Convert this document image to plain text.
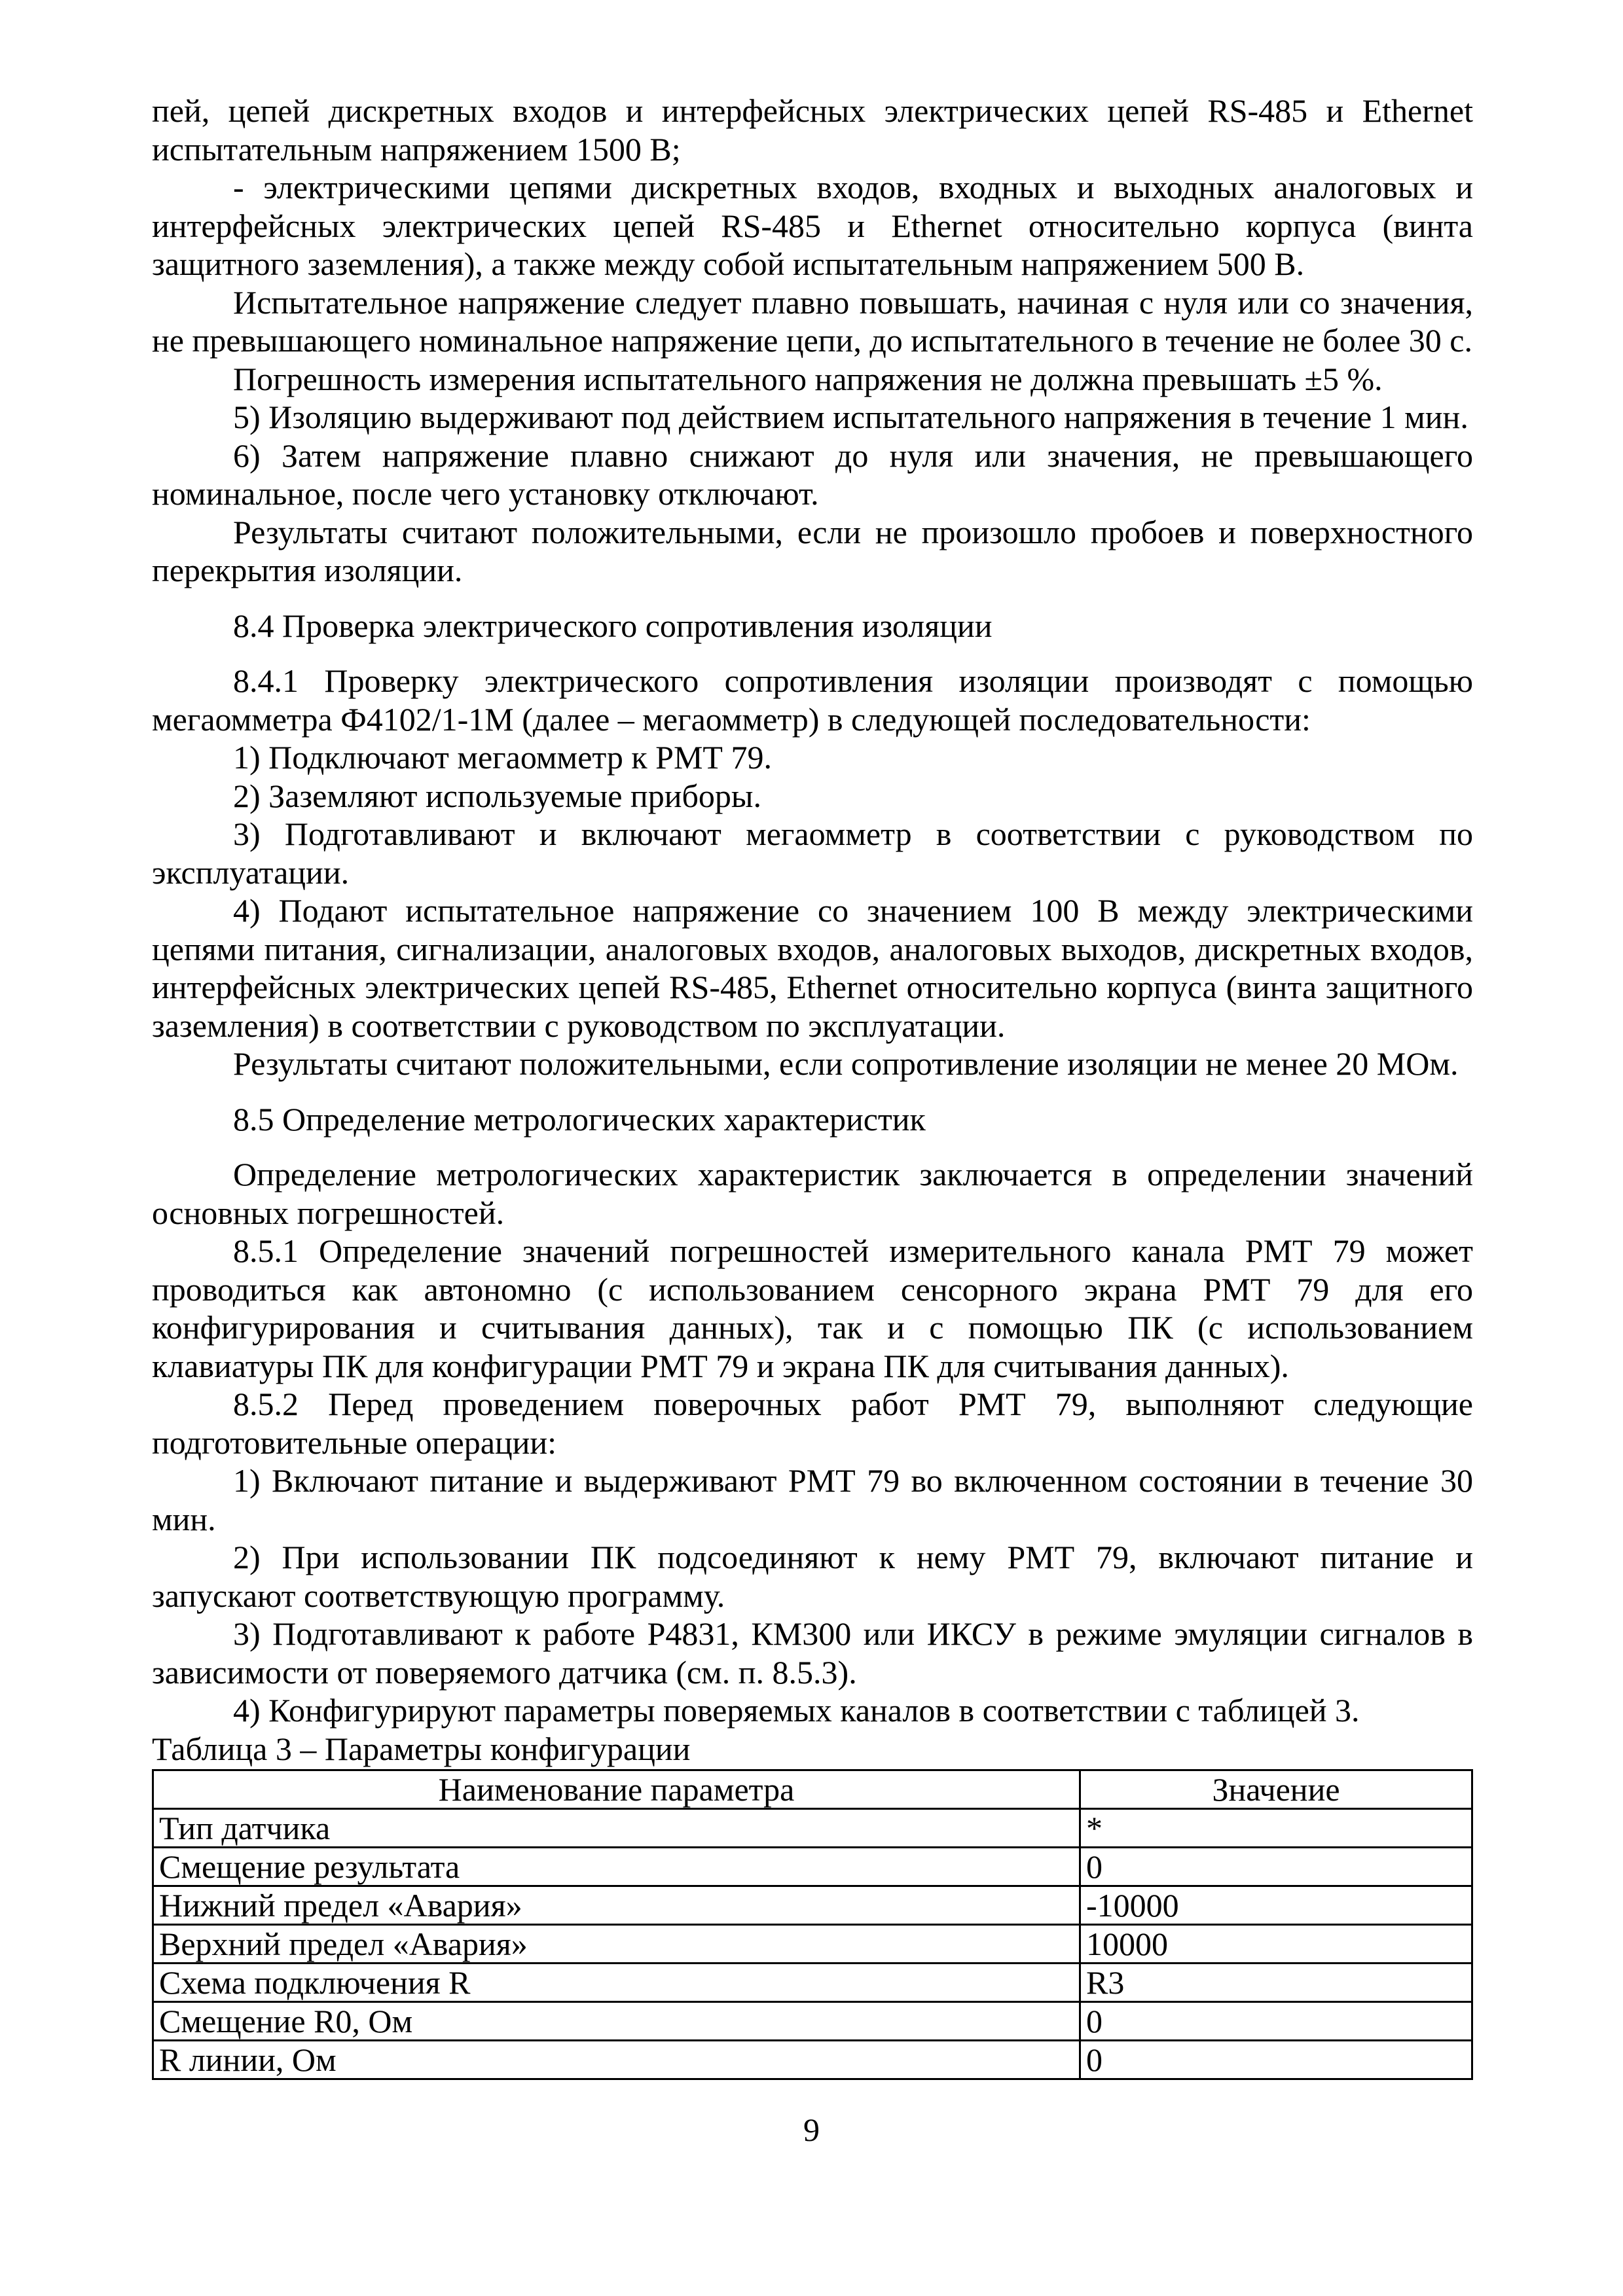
пей, цепей дискретных входов и интерфейсных электрических цепей RS-485 и Ethernet испытательным напряжением 1500 В;

- электрическими цепями дискретных входов, входных и выходных аналоговых и интерфейсных электрических цепей RS-485 и Ethernet относительно корпуса (винта защитного заземления), а также между собой испытательным напряжением 500 В.

Испытательное напряжение следует плавно повышать, начиная с нуля или со значения, не превышающего номинальное напряжение цепи, до испытательного в течение не более 30 с.

Погрешность измерения испытательного напряжения не должна превышать ±5 %.

5) Изоляцию выдерживают под действием испытательного напряжения в течение 1 мин.

6) Затем напряжение плавно снижают до нуля или значения, не превышающего номинальное, после чего установку отключают.

Результаты считают положительными, если не произошло пробоев и поверхностного перекрытия изоляции.

8.4 Проверка электрического сопротивления изоляции

8.4.1 Проверку электрического сопротивления изоляции производят с помощью мегаомметра Ф4102/1-1М (далее – мегаомметр) в следующей последовательности:

1) Подключают мегаомметр к РМТ 79.

2) Заземляют используемые приборы.

3) Подготавливают и включают мегаомметр в соответствии с руководством по эксплуатации.

4) Подают испытательное напряжение со значением 100 В между электрическими цепями питания, сигнализации, аналоговых входов, аналоговых выходов, дискретных входов, интерфейсных электрических цепей RS-485, Ethernet относительно корпуса (винта защитного заземления) в соответствии с руководством по эксплуатации.

Результаты считают положительными, если сопротивление изоляции не менее 20 МОм.

8.5 Определение метрологических характеристик

Определение метрологических характеристик заключается в определении значений основных погрешностей.

8.5.1 Определение значений погрешностей измерительного канала РМТ 79 может проводиться как автономно (с использованием сенсорного экрана РМТ 79 для его конфигурирования и считывания данных), так и с помощью ПК (с использованием клавиатуры ПК для конфигурации РМТ 79 и экрана ПК для считывания данных).

8.5.2 Перед проведением поверочных работ РМТ 79, выполняют следующие подготовительные операции:

1) Включают питание и выдерживают РМТ 79 во включенном состоянии в течение 30 мин.

2) При использовании ПК подсоединяют к нему РМТ 79, включают питание и запускают соответствующую программу.

3) Подготавливают к работе Р4831, КМ300 или ИКСУ в режиме эмуляции сигналов в зависимости от поверяемого датчика (см. п. 8.5.3).

4) Конфигурируют параметры поверяемых каналов в соответствии с таблицей 3.

Таблица 3 – Параметры конфигурации

Наименование параметра	Значение
Тип датчика	*
Смещение результата	0
Нижний предел «Авария»	-10000
Верхний предел «Авария»	10000
Схема подключения R	R3
Смещение R0, Ом	0
R линии, Ом	0
9
